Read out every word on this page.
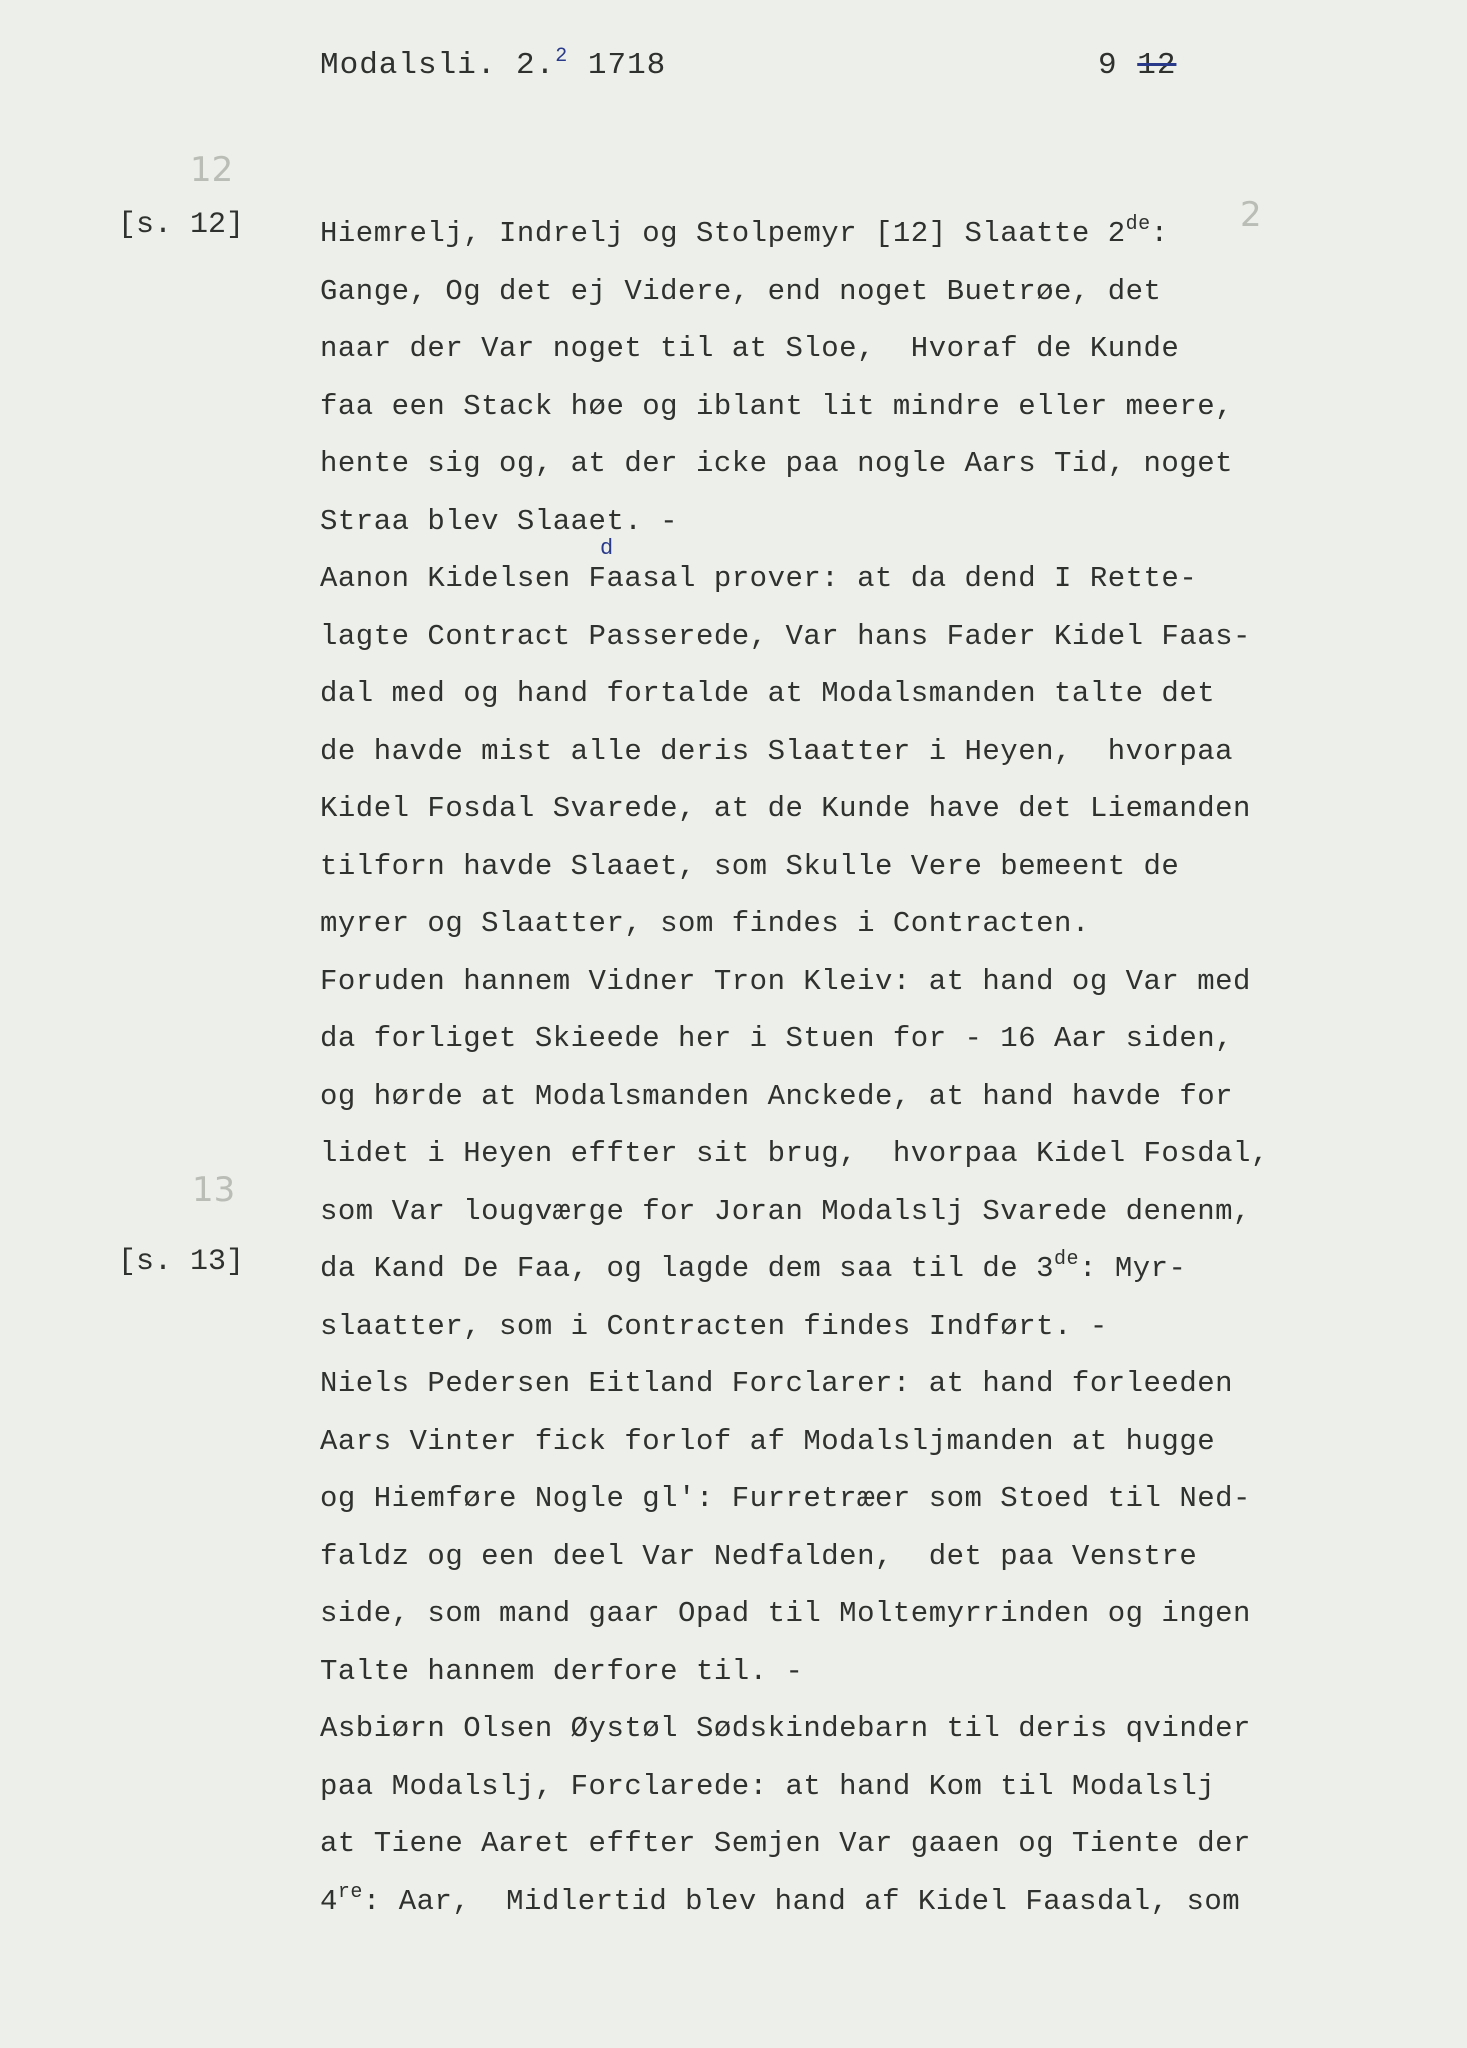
Modalsli. 2.$^2$ 1718	9 12
12
2
13
[s. 12]
[s. 13]
Hiemrelj, Indrelj og Stolpemyr [12] Slaatte 2de:
Gange, Og det ej Videre, end noget Buetrøe, det
naar der Var noget til at Sloe,  Hvoraf de Kunde
faa een Stack høe og iblant lit mindre eller meere,
hente sig og, at der icke paa nogle Aars Tid, noget
Straa blev Slaaet. -
Aanon Kidelsen Faasal prover: at da dend I Rette-
d
lagte Contract Passerede, Var hans Fader Kidel Faas-
dal med og hand fortalde at Modalsmanden talte det
de havde mist alle deris Slaatter i Heyen,  hvorpaa
Kidel Fosdal Svarede, at de Kunde have det Liemanden
tilforn havde Slaaet, som Skulle Vere bemeent de
myrer og Slaatter, som findes i Contracten.
Foruden hannem Vidner Tron Kleiv: at hand og Var med
da forliget Skieede her i Stuen for - 16 Aar siden,
og hørde at Modalsmanden Anckede, at hand havde for
lidet i Heyen effter sit brug,  hvorpaa Kidel Fosdal,
som Var lougværge for Joran Modalslj Svarede denenm,
da Kand De Faa, og lagde dem saa til de 3de: Myr-
slaatter, som i Contracten findes Indført. -
Niels Pedersen Eitland Forclarer: at hand forleeden
Aars Vinter fick forlof af Modalsljmanden at hugge
og Hiemføre Nogle gl': Furretræer som Stoed til Ned-
faldz og een deel Var Nedfalden,  det paa Venstre
side, som mand gaar Opad til Moltemyrrinden og ingen
Talte hannem derfore til. -
Asbiørn Olsen Øystøl Sødskindebarn til deris qvinder
paa Modalslj, Forclarede: at hand Kom til Modalslj
at Tiene Aaret effter Semjen Var gaaen og Tiente der
4re: Aar,  Midlertid blev hand af Kidel Faasdal, som
